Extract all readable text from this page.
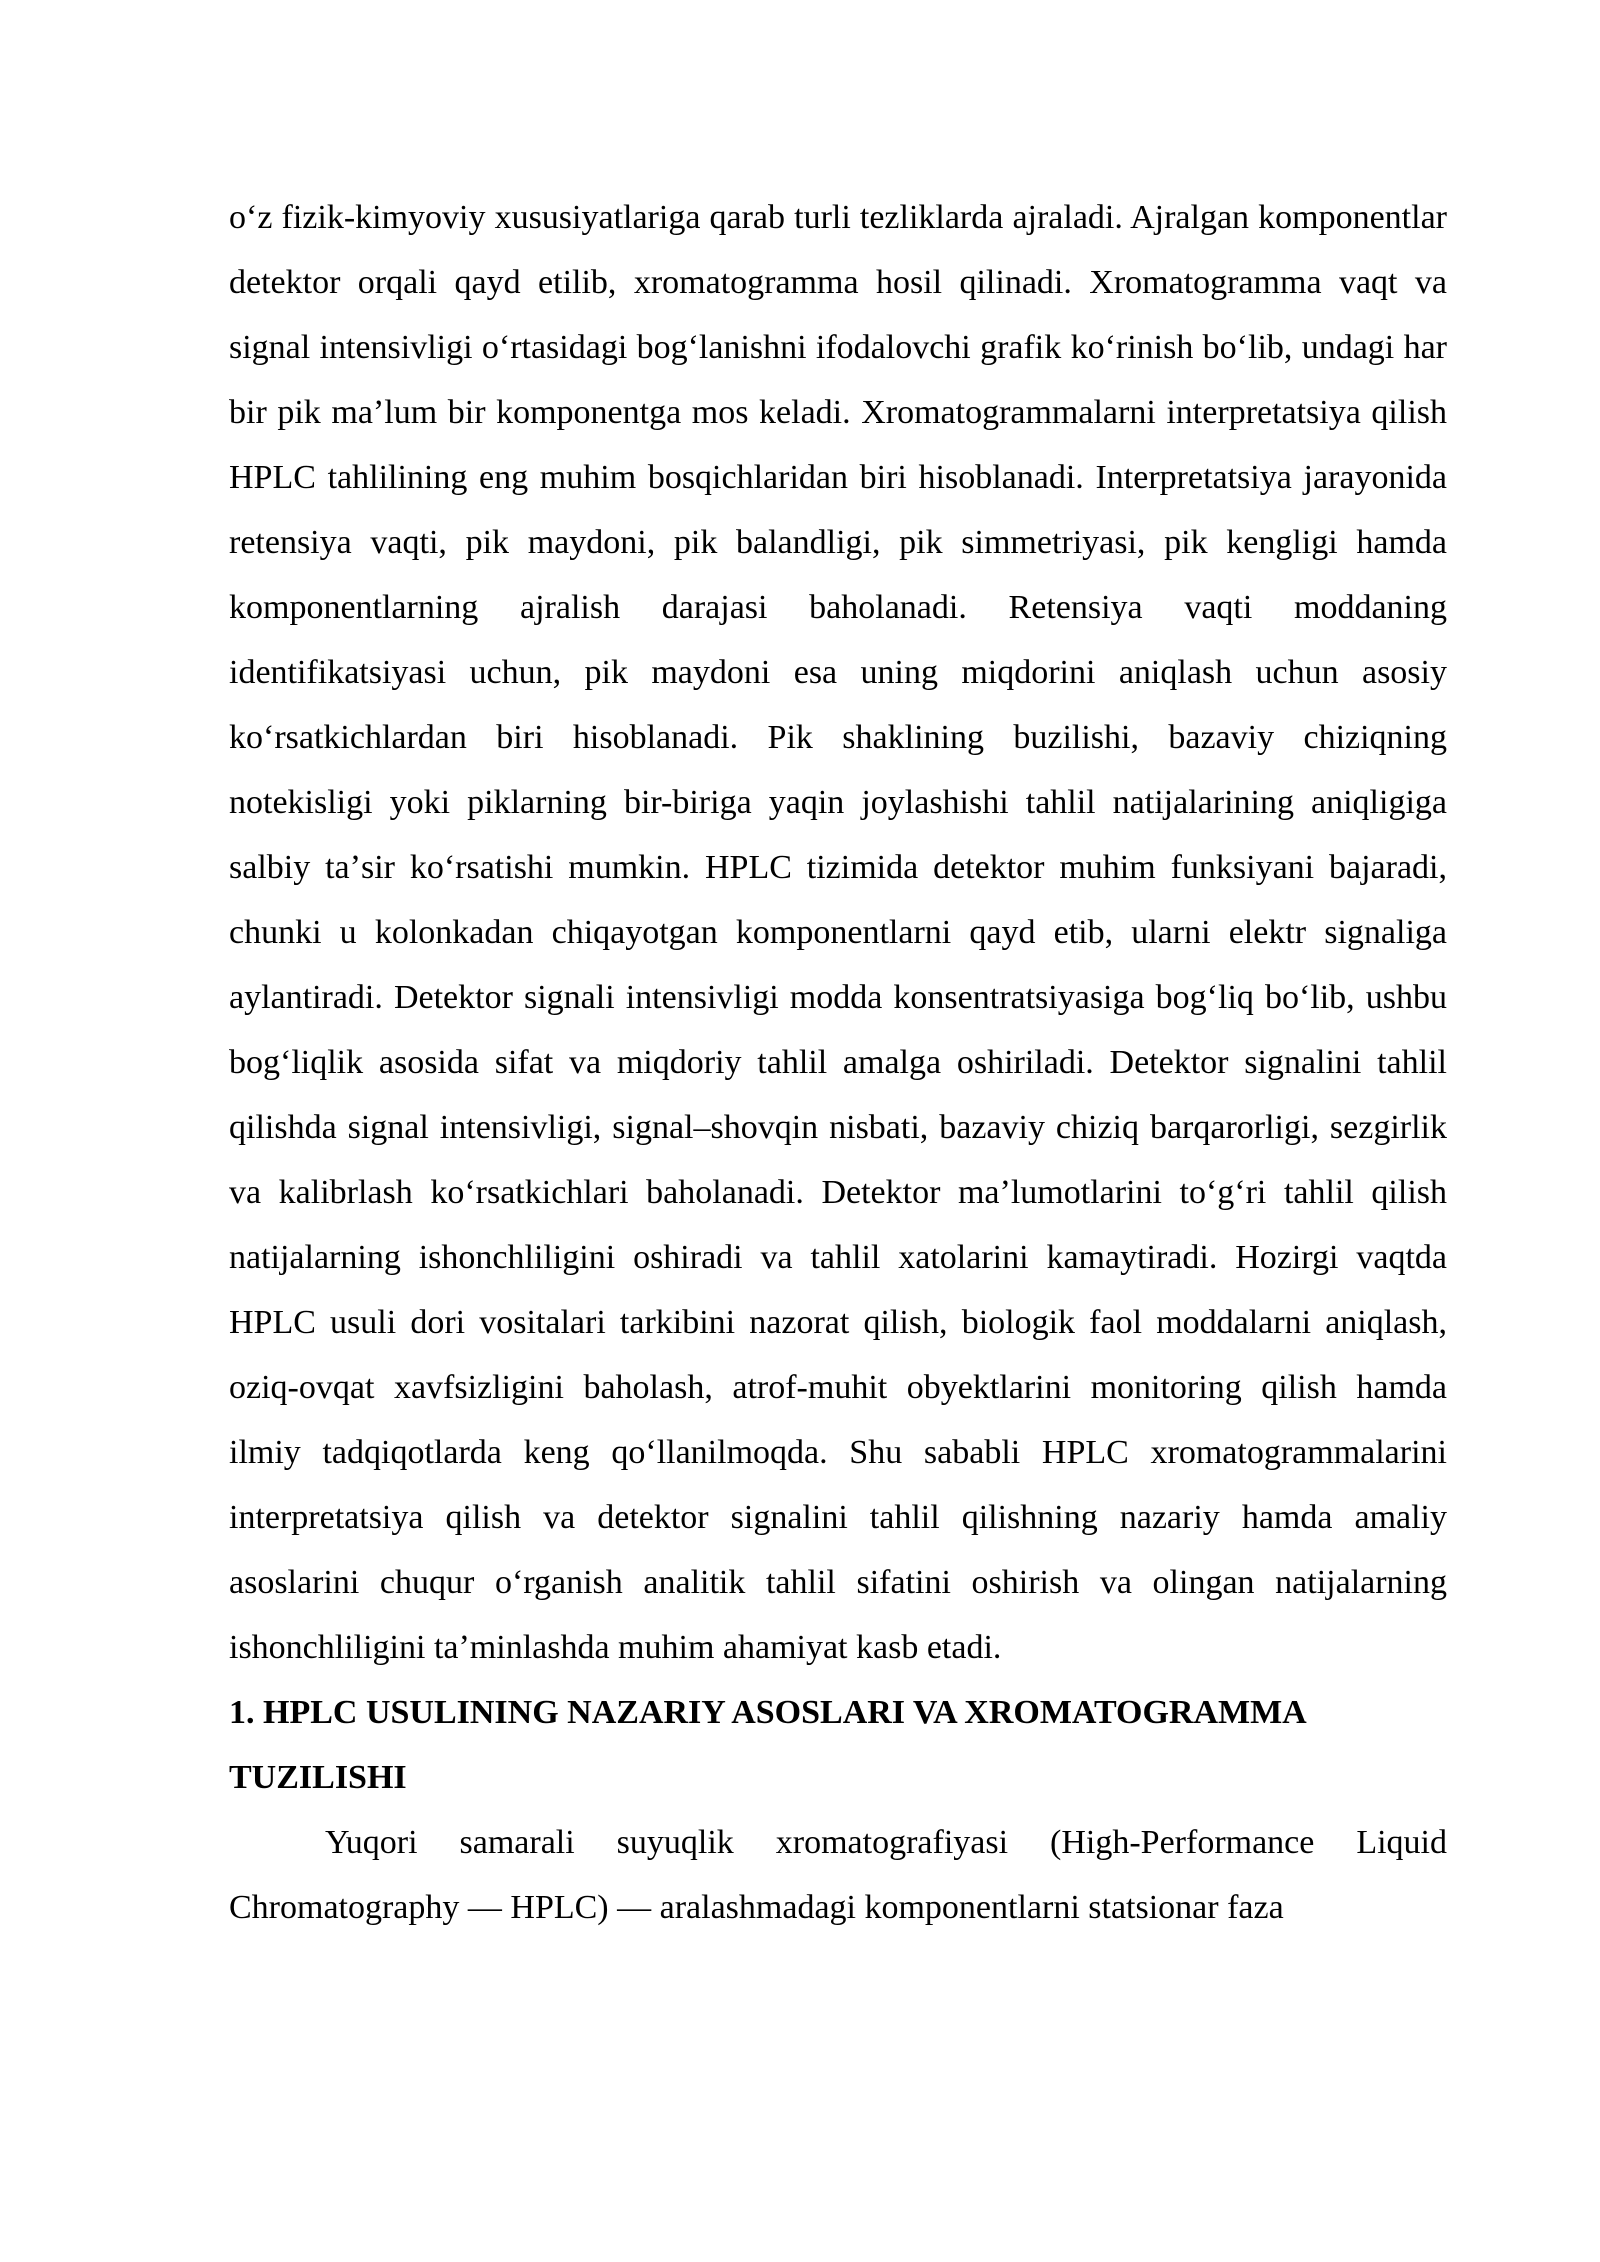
oʻz fizik-kimyoviy xususiyatlariga qarab turli tezliklarda ajraladi. Ajralgan komponentlar detektor orqali qayd etilib, xromatogramma hosil qilinadi. Xromatogramma vaqt va signal intensivligi oʻrtasidagi bogʻlanishni ifodalovchi grafik koʻrinish boʻlib, undagi har bir pik maʼlum bir komponentga mos keladi. Xromatogrammalarni interpretatsiya qilish HPLC tahlilining eng muhim bosqichlaridan biri hisoblanadi. Interpretatsiya jarayonida retensiya vaqti, pik maydoni, pik balandligi, pik simmetriyasi, pik kengligi hamda komponentlarning ajralish darajasi baholanadi. Retensiya vaqti moddaning identifikatsiyasi uchun, pik maydoni esa uning miqdorini aniqlash uchun asosiy koʻrsatkichlardan biri hisoblanadi. Pik shaklining buzilishi, bazaviy chiziqning notekisligi yoki piklarning bir-biriga yaqin joylashishi tahlil natijalarining aniqligiga salbiy taʼsir koʻrsatishi mumkin. HPLC tizimida detektor muhim funksiyani bajaradi, chunki u kolonkadan chiqayotgan komponentlarni qayd etib, ularni elektr signaliga aylantiradi. Detektor signali intensivligi modda konsentratsiyasiga bogʻliq boʻlib, ushbu bogʻliqlik asosida sifat va miqdoriy tahlil amalga oshiriladi. Detektor signalini tahlil qilishda signal intensivligi, signal–shovqin nisbati, bazaviy chiziq barqarorligi, sezgirlik va kalibrlash koʻrsatkichlari baholanadi. Detektor maʼlumotlarini toʻgʻri tahlil qilish natijalarning ishonchliligini oshiradi va tahlil xatolarini kamaytiradi. Hozirgi vaqtda HPLC usuli dori vositalari tarkibini nazorat qilish, biologik faol moddalarni aniqlash, oziq-ovqat xavfsizligini baholash, atrof-muhit obyektlarini monitoring qilish hamda ilmiy tadqiqotlarda keng qoʻllanilmoqda. Shu sababli HPLC xromatogrammalarini interpretatsiya qilish va detektor signalini tahlil qilishning nazariy hamda amaliy asoslarini chuqur oʻrganish analitik tahlil sifatini oshirish va olingan natijalarning ishonchliligini taʼminlashda muhim ahamiyat kasb etadi.

1. HPLC USULINING NAZARIY ASOSLARI VA XROMATOGRAMMA TUZILISHI

Yuqori samarali suyuqlik xromatografiyasi (High-Performance Liquid Chromatography — HPLC) — aralashmadagi komponentlarni statsionar faza
